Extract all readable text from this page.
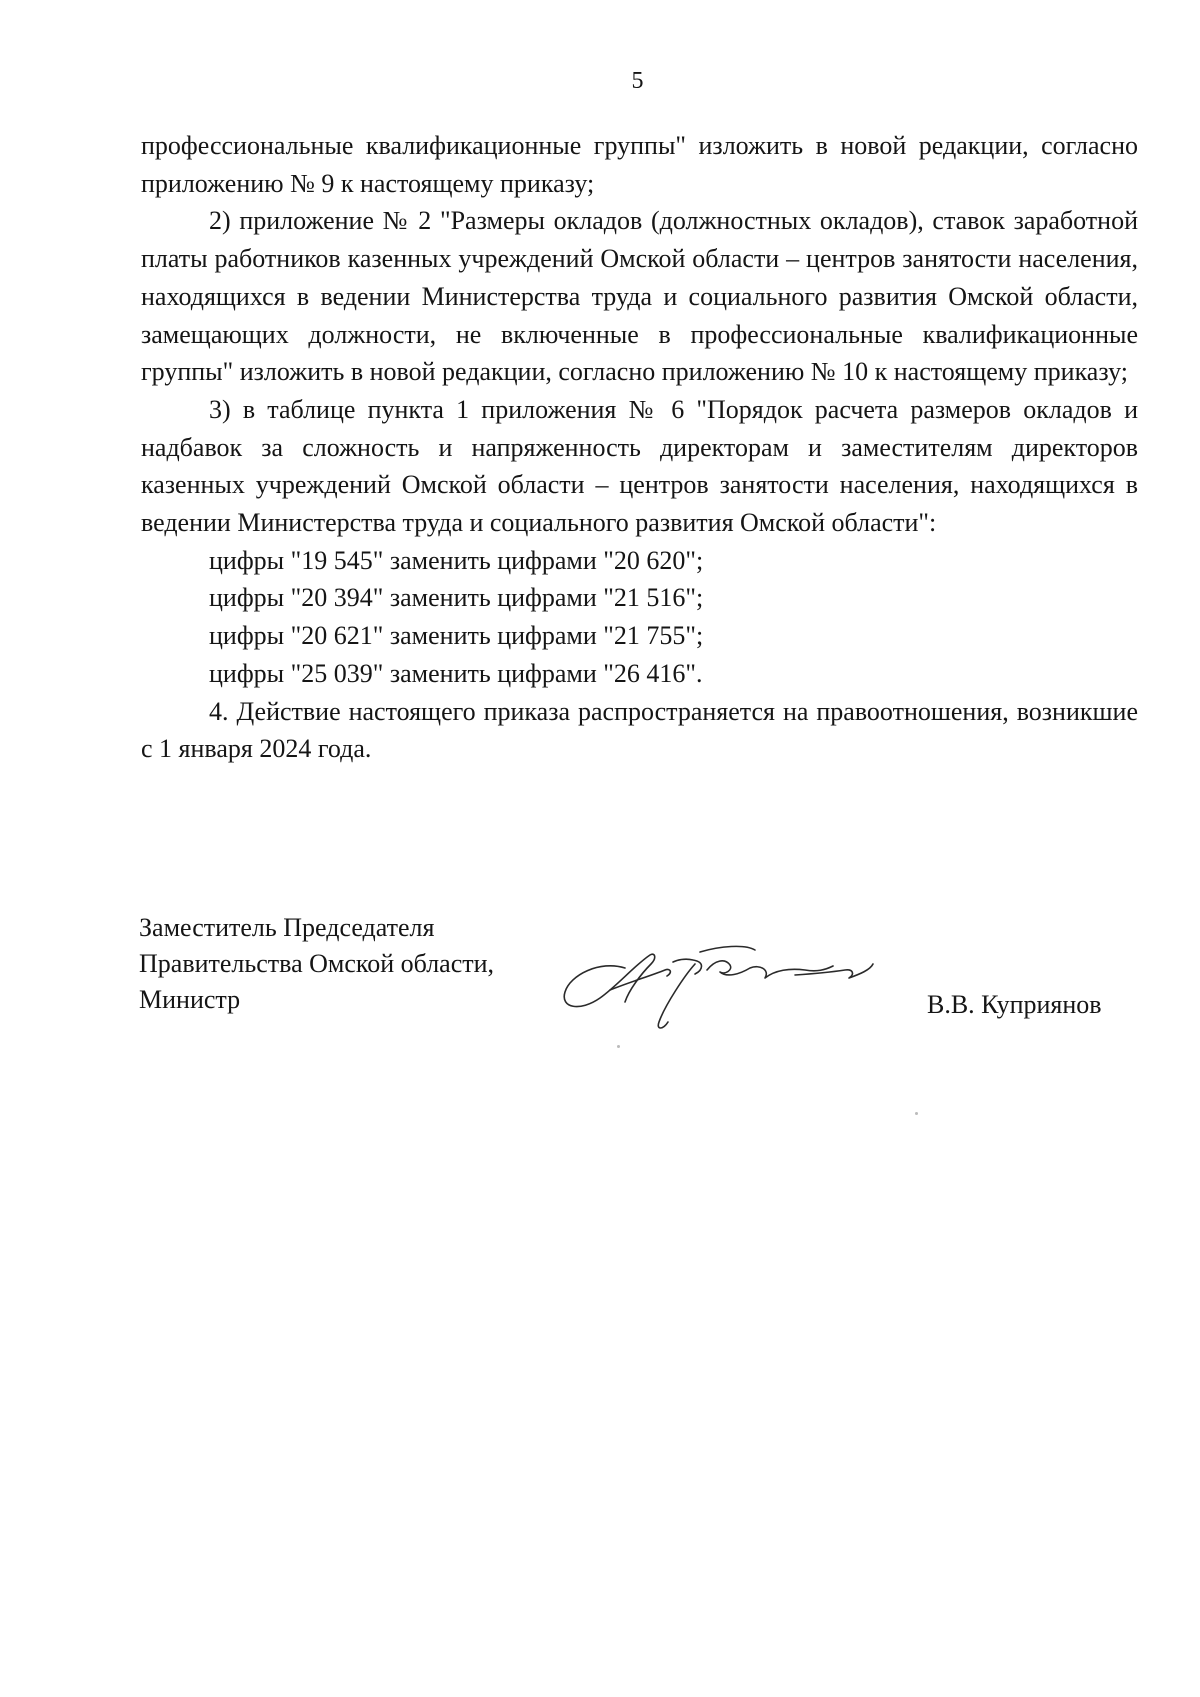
5

профессиональные квалификационные группы" изложить в новой редакции, согласно приложению № 9 к настоящему приказу;

2) приложение № 2 "Размеры окладов (должностных окладов), ставок заработной платы работников казенных учреждений Омской области – центров занятости населения, находящихся в ведении Министерства труда и социального развития Омской области, замещающих должности, не включенные в профессиональные квалификационные группы" изложить в новой редакции, согласно приложению № 10 к настоящему приказу;

3) в таблице пункта 1 приложения № 6 "Порядок расчета размеров окладов и надбавок за сложность и напряженность директорам и заместителям директоров казенных учреждений Омской области – центров занятости населения, находящихся в ведении Министерства труда и социального развития Омской области":

цифры "19 545" заменить цифрами "20 620";

цифры "20 394" заменить цифрами "21 516";

цифры "20 621" заменить цифрами "21 755";

цифры "25 039" заменить цифрами "26 416".

4. Действие настоящего приказа распространяется на правоотношения, возникшие с 1 января 2024 года.

Заместитель Председателя
Правительства Омской области,
Министр	В.В. Куприянов
